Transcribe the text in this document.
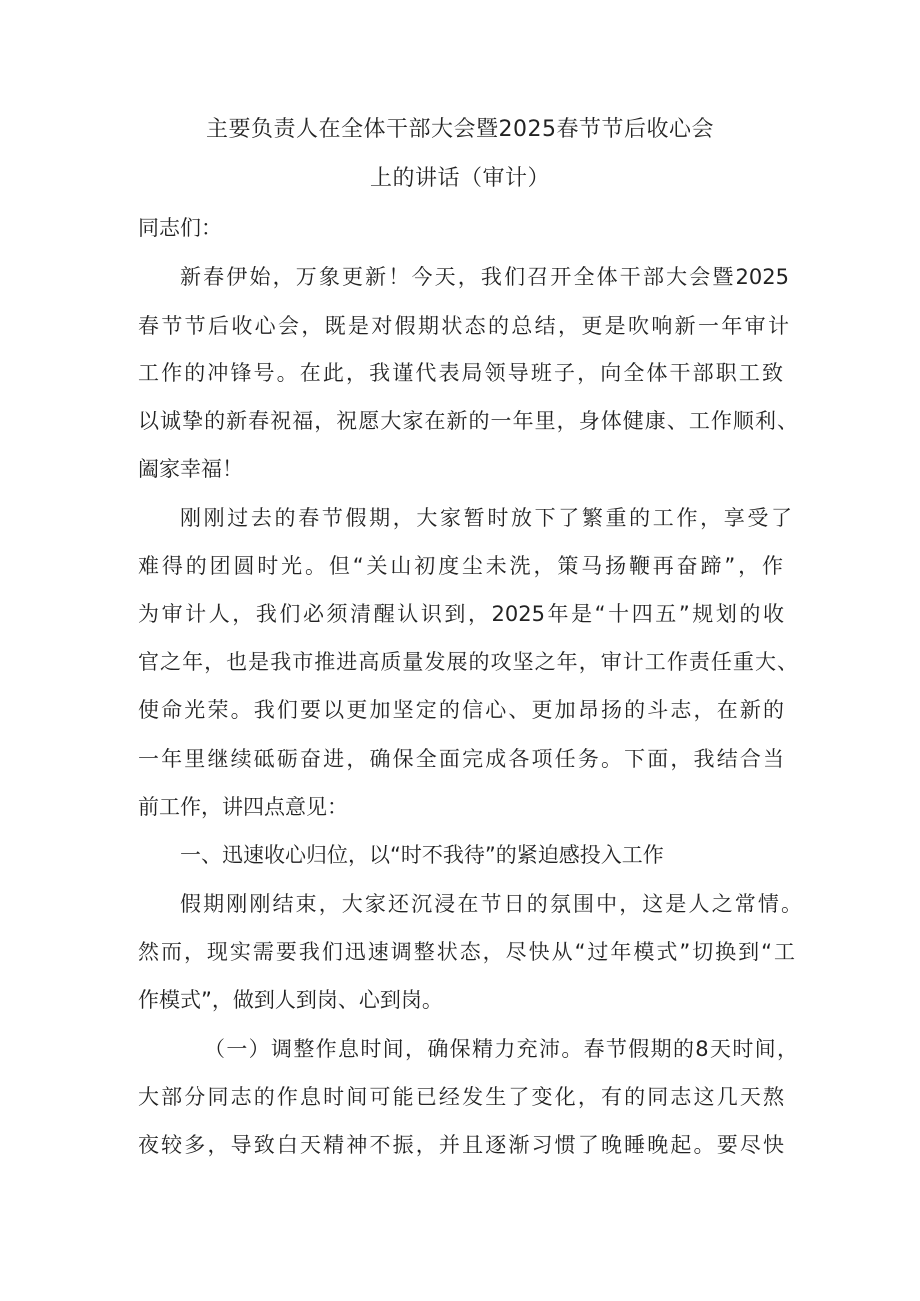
主要负责人在全体干部大会暨2025春节节后收心会
上的讲话（审计）
同志们：
新春伊始，万象更新！今天，我们召开全体干部大会暨2025
春节节后收心会，既是对假期状态的总结，更是吹响新一年审计
工作的冲锋号。在此，我谨代表局领导班子，向全体干部职工致
以诚挚的新春祝福，祝愿大家在新的一年里，身体健康、工作顺利、
阖家幸福！
刚刚过去的春节假期，大家暂时放下了繁重的工作，享受了
难得的团圆时光。但“关山初度尘未洗，策马扬鞭再奋蹄”，作
为审计人，我们必须清醒认识到，2025年是“十四五”规划的收
官之年，也是我市推进高质量发展的攻坚之年，审计工作责任重大、
使命光荣。我们要以更加坚定的信心、更加昂扬的斗志，在新的
一年里继续砥砺奋进，确保全面完成各项任务。下面，我结合当
前工作，讲四点意见：
一、迅速收心归位，以“时不我待”的紧迫感投入工作
假期刚刚结束，大家还沉浸在节日的氛围中，这是人之常情。
然而，现实需要我们迅速调整状态，尽快从“过年模式”切换到“工
作模式”，做到人到岗、心到岗。
（一）调整作息时间，确保精力充沛。春节假期的8天时间，
大部分同志的作息时间可能已经发生了变化，有的同志这几天熬
夜较多，导致白天精神不振，并且逐渐习惯了晚睡晚起。要尽快
